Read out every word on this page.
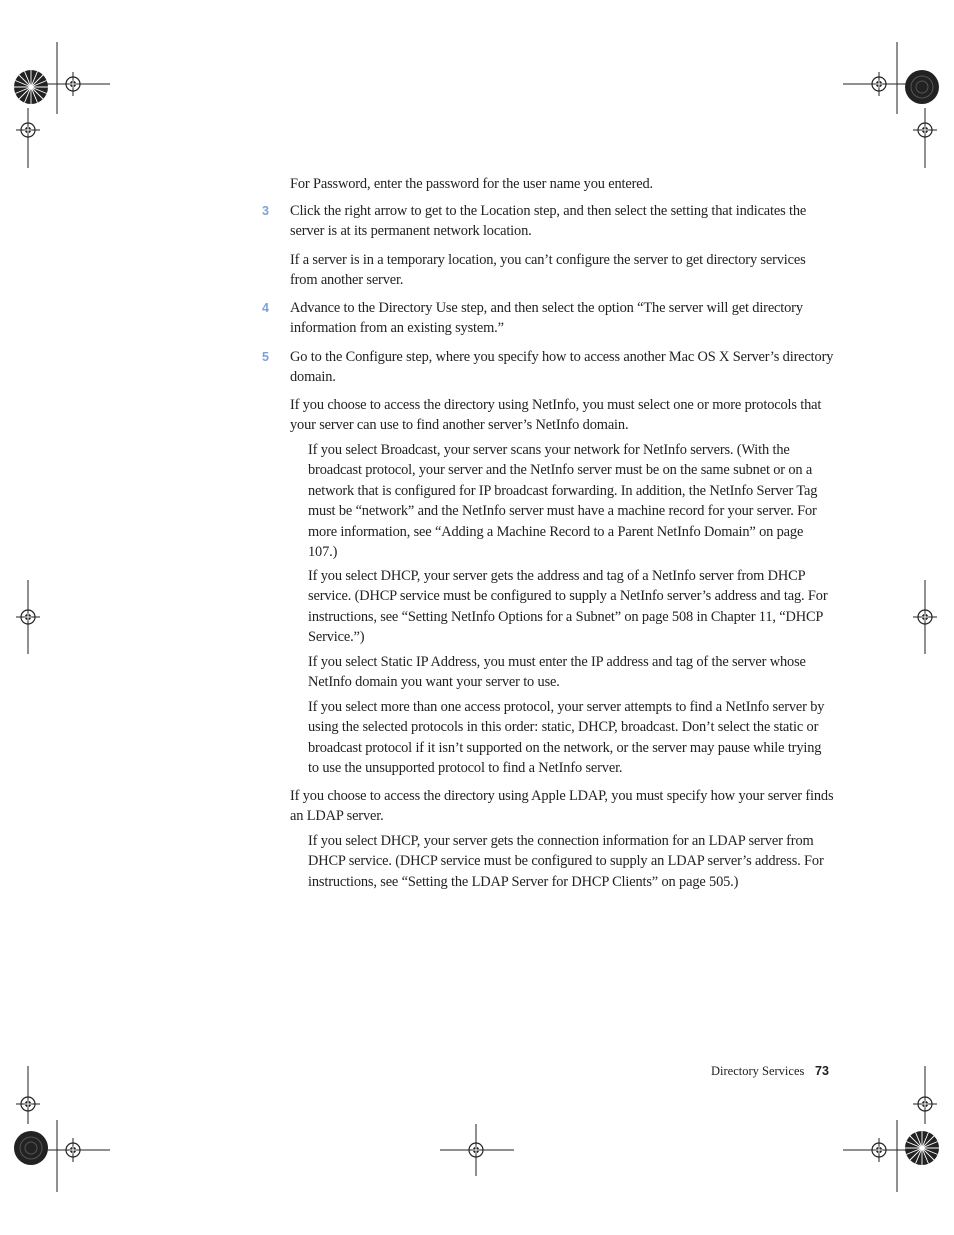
For Password, enter the password for the user name you entered.

3 Click the right arrow to get to the Location step, and then select the setting that indicates the server is at its permanent network location.

If a server is in a temporary location, you can’t configure the server to get directory services from another server.

4 Advance to the Directory Use step, and then select the option “The server will get directory information from an existing system.”

5 Go to the Configure step, where you specify how to access another Mac OS X Server’s directory domain.

If you choose to access the directory using NetInfo, you must select one or more protocols that your server can use to find another server’s NetInfo domain.

If you select Broadcast, your server scans your network for NetInfo servers. (With the broadcast protocol, your server and the NetInfo server must be on the same subnet or on a network that is configured for IP broadcast forwarding. In addition, the NetInfo Server Tag must be “network” and the NetInfo server must have a machine record for your server. For more information, see “Adding a Machine Record to a Parent NetInfo Domain” on page 107.)

If you select DHCP, your server gets the address and tag of a NetInfo server from DHCP service. (DHCP service must be configured to supply a NetInfo server’s address and tag. For instructions, see “Setting NetInfo Options for a Subnet” on page 508 in Chapter 11, “DHCP Service.”)

If you select Static IP Address, you must enter the IP address and tag of the server whose NetInfo domain you want your server to use.

If you select more than one access protocol, your server attempts to find a NetInfo server by using the selected protocols in this order: static, DHCP, broadcast. Don’t select the static or broadcast protocol if it isn’t supported on the network, or the server may pause while trying to use the unsupported protocol to find a NetInfo server.

If you choose to access the directory using Apple LDAP, you must specify how your server finds an LDAP server.

If you select DHCP, your server gets the connection information for an LDAP server from DHCP service. (DHCP service must be configured to supply an LDAP server’s address. For instructions, see “Setting the LDAP Server for DHCP Clients” on page 505.)

Directory Services 73
